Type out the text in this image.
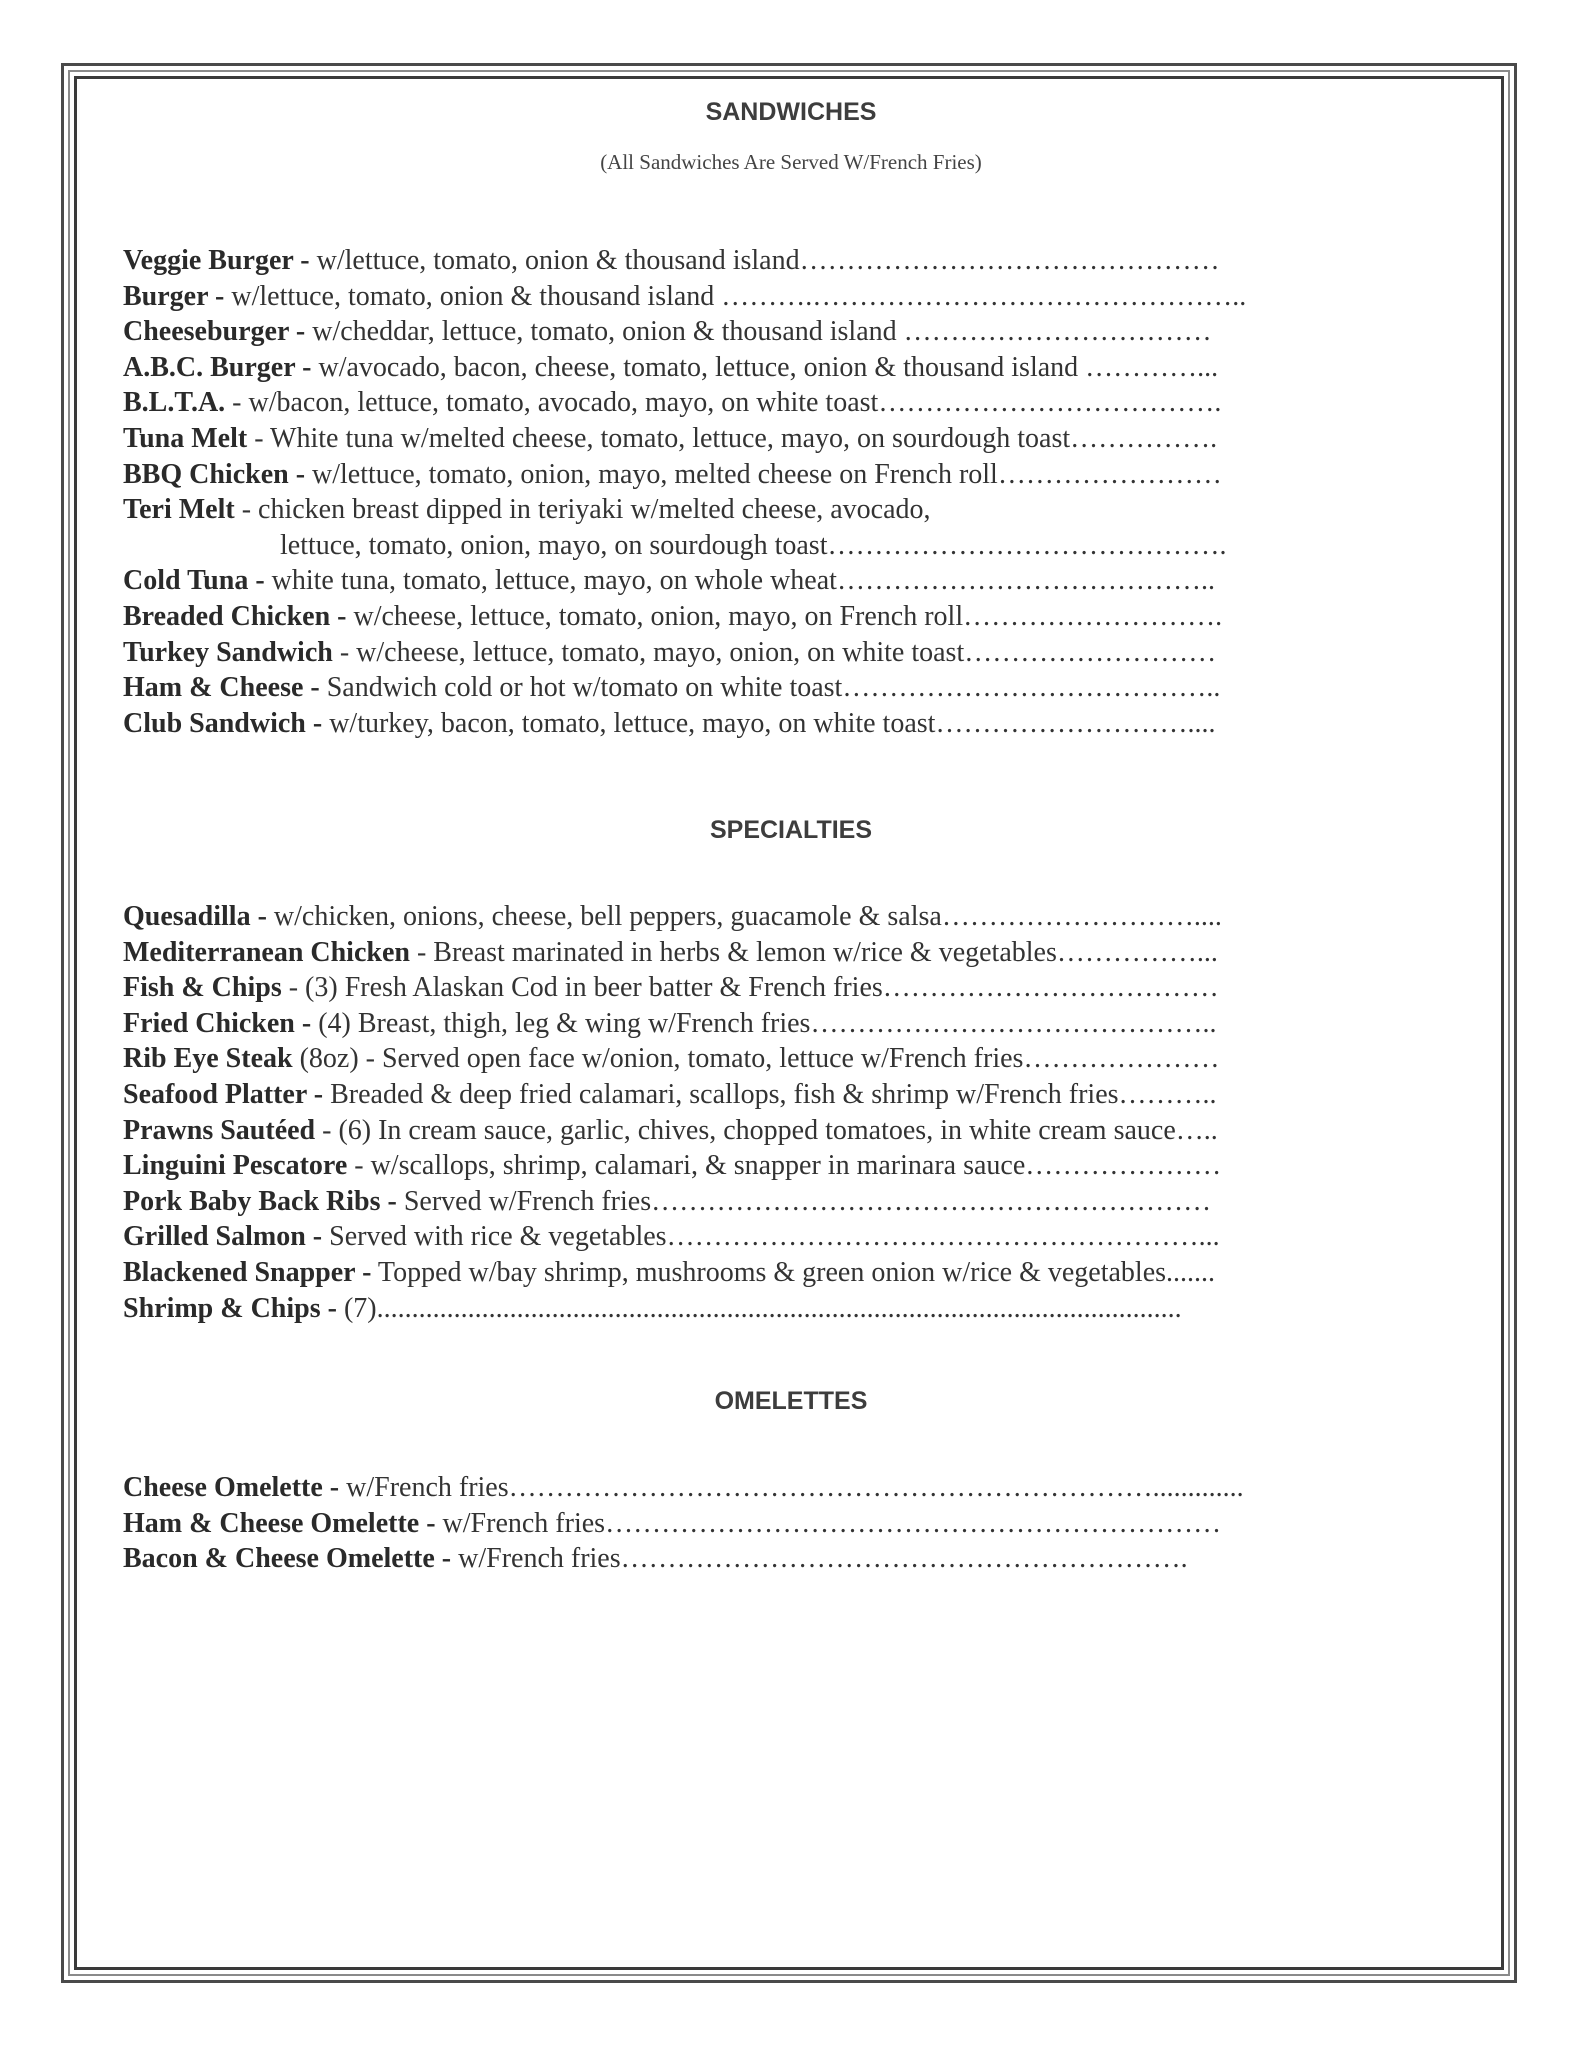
SANDWICHES

(All Sandwiches Are Served W/French Fries)

Veggie Burger - w/lettuce, tomato, onion & thousand island………………………………………
Burger - w/lettuce, tomato, onion & thousand island ……….………………………………………..
Cheeseburger - w/cheddar, lettuce, tomato, onion & thousand island ……………………………
A.B.C. Burger - w/avocado, bacon, cheese, tomato, lettuce, onion & thousand island …………...
B.L.T.A. - w/bacon, lettuce, tomato, avocado, mayo, on white toast……………………………….
Tuna Melt - White tuna w/melted cheese, tomato, lettuce, mayo, on sourdough toast…………….
BBQ Chicken - w/lettuce, tomato, onion, mayo, melted cheese on French roll……………………
Teri Melt - chicken breast dipped in teriyaki w/melted cheese, avocado,
lettuce, tomato, onion, mayo, on sourdough toast…………………………………….
Cold Tuna - white tuna, tomato, lettuce, mayo, on whole wheat…………………………………..
Breaded Chicken - w/cheese, lettuce, tomato, onion, mayo, on French roll……………………….
Turkey Sandwich - w/cheese, lettuce, tomato, mayo, onion, on white toast………………………
Ham & Cheese - Sandwich cold or hot w/tomato on white toast…………………………………..
Club Sandwich - w/turkey, bacon, tomato, lettuce, mayo, on white toast………………………....
SPECIALTIES
Quesadilla - w/chicken, onions, cheese, bell peppers, guacamole & salsa………………………....
Mediterranean Chicken - Breast marinated in herbs & lemon w/rice & vegetables……………...
Fish & Chips - (3) Fresh Alaskan Cod in beer batter & French fries………………………………
Fried Chicken - (4) Breast, thigh, leg & wing w/French fries……………………………………..
Rib Eye Steak (8oz) - Served open face w/onion, tomato, lettuce w/French fries…………………
Seafood Platter - Breaded & deep fried calamari, scallops, fish & shrimp w/French fries………..
Prawns Sautéed - (6) In cream sauce, garlic, chives, chopped tomatoes, in white cream sauce…..
Linguini Pescatore - w/scallops, shrimp, calamari, & snapper in marinara sauce…………………
Pork Baby Back Ribs - Served w/French fries……………………………………………………
Grilled Salmon - Served with rice & vegetables…………………………………………………...
Blackened Snapper - Topped w/bay shrimp, mushrooms & green onion w/rice & vegetables.......
Shrimp & Chips - (7)...................................................................................................................
OMELETTES
Cheese Omelette - w/French fries…………………………………………………………….............
Ham & Cheese Omelette - w/French fries…………………………………………………………
Bacon & Cheese Omelette - w/French fries…………………………………………………….
